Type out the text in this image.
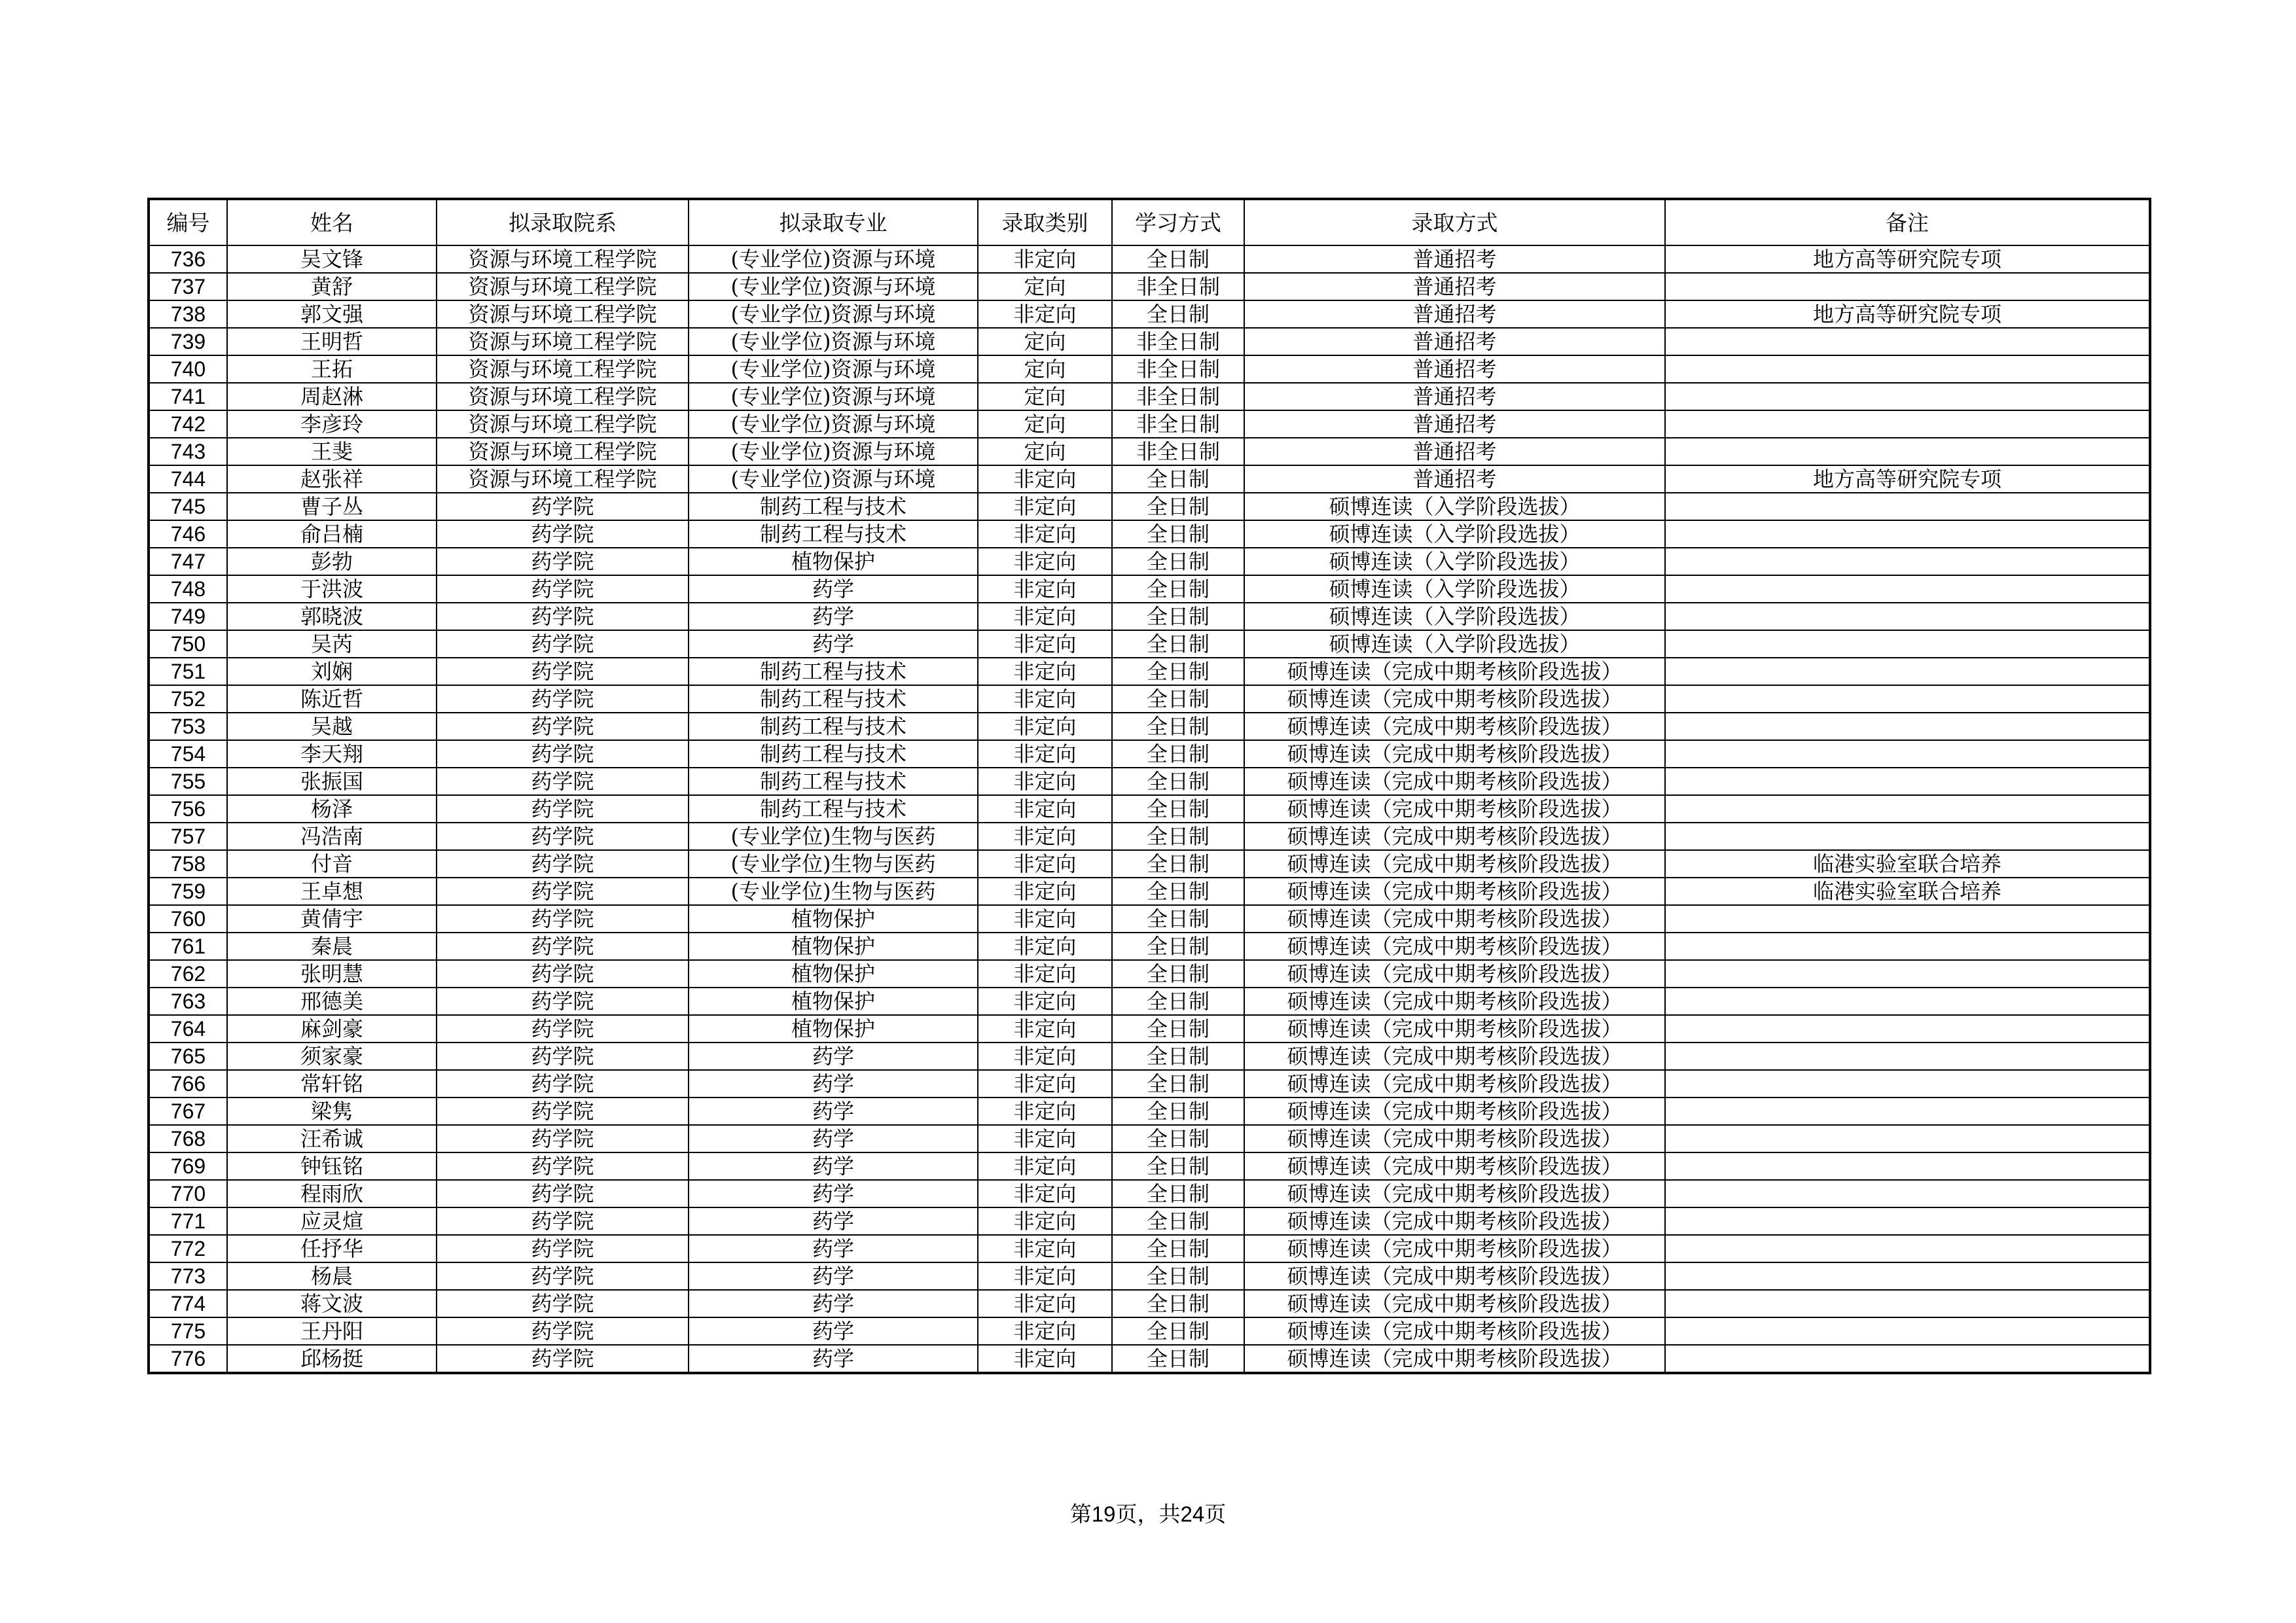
编号	姓名	拟录取院系	拟录取专业	录取类别	学习方式	录取方式	备注
736	吴文锋	资源与环境工程学院	(专业学位)资源与环境	非定向	全日制	普通招考	地方高等研究院专项
737	黄舒	资源与环境工程学院	(专业学位)资源与环境	定向	非全日制	普通招考	
738	郭文强	资源与环境工程学院	(专业学位)资源与环境	非定向	全日制	普通招考	地方高等研究院专项
739	王明哲	资源与环境工程学院	(专业学位)资源与环境	定向	非全日制	普通招考	
740	王拓	资源与环境工程学院	(专业学位)资源与环境	定向	非全日制	普通招考	
741	周赵淋	资源与环境工程学院	(专业学位)资源与环境	定向	非全日制	普通招考	
742	李彦玲	资源与环境工程学院	(专业学位)资源与环境	定向	非全日制	普通招考	
743	王斐	资源与环境工程学院	(专业学位)资源与环境	定向	非全日制	普通招考	
744	赵张祥	资源与环境工程学院	(专业学位)资源与环境	非定向	全日制	普通招考	地方高等研究院专项
745	曹子丛	药学院	制药工程与技术	非定向	全日制	硕博连读（入学阶段选拔）	
746	俞吕楠	药学院	制药工程与技术	非定向	全日制	硕博连读（入学阶段选拔）	
747	彭勃	药学院	植物保护	非定向	全日制	硕博连读（入学阶段选拔）	
748	于洪波	药学院	药学	非定向	全日制	硕博连读（入学阶段选拔）	
749	郭晓波	药学院	药学	非定向	全日制	硕博连读（入学阶段选拔）	
750	吴芮	药学院	药学	非定向	全日制	硕博连读（入学阶段选拔）	
751	刘娴	药学院	制药工程与技术	非定向	全日制	硕博连读（完成中期考核阶段选拔）	
752	陈近哲	药学院	制药工程与技术	非定向	全日制	硕博连读（完成中期考核阶段选拔）	
753	吴越	药学院	制药工程与技术	非定向	全日制	硕博连读（完成中期考核阶段选拔）	
754	李天翔	药学院	制药工程与技术	非定向	全日制	硕博连读（完成中期考核阶段选拔）	
755	张振国	药学院	制药工程与技术	非定向	全日制	硕博连读（完成中期考核阶段选拔）	
756	杨泽	药学院	制药工程与技术	非定向	全日制	硕博连读（完成中期考核阶段选拔）	
757	冯浩南	药学院	(专业学位)生物与医药	非定向	全日制	硕博连读（完成中期考核阶段选拔）	
758	付音	药学院	(专业学位)生物与医药	非定向	全日制	硕博连读（完成中期考核阶段选拔）	临港实验室联合培养
759	王卓想	药学院	(专业学位)生物与医药	非定向	全日制	硕博连读（完成中期考核阶段选拔）	临港实验室联合培养
760	黄倩宇	药学院	植物保护	非定向	全日制	硕博连读（完成中期考核阶段选拔）	
761	秦晨	药学院	植物保护	非定向	全日制	硕博连读（完成中期考核阶段选拔）	
762	张明慧	药学院	植物保护	非定向	全日制	硕博连读（完成中期考核阶段选拔）	
763	邢德美	药学院	植物保护	非定向	全日制	硕博连读（完成中期考核阶段选拔）	
764	麻剑豪	药学院	植物保护	非定向	全日制	硕博连读（完成中期考核阶段选拔）	
765	须家豪	药学院	药学	非定向	全日制	硕博连读（完成中期考核阶段选拔）	
766	常轩铭	药学院	药学	非定向	全日制	硕博连读（完成中期考核阶段选拔）	
767	梁隽	药学院	药学	非定向	全日制	硕博连读（完成中期考核阶段选拔）	
768	汪希诚	药学院	药学	非定向	全日制	硕博连读（完成中期考核阶段选拔）	
769	钟钰铭	药学院	药学	非定向	全日制	硕博连读（完成中期考核阶段选拔）	
770	程雨欣	药学院	药学	非定向	全日制	硕博连读（完成中期考核阶段选拔）	
771	应灵煊	药学院	药学	非定向	全日制	硕博连读（完成中期考核阶段选拔）	
772	任抒华	药学院	药学	非定向	全日制	硕博连读（完成中期考核阶段选拔）	
773	杨晨	药学院	药学	非定向	全日制	硕博连读（完成中期考核阶段选拔）	
774	蒋文波	药学院	药学	非定向	全日制	硕博连读（完成中期考核阶段选拔）	
775	王丹阳	药学院	药学	非定向	全日制	硕博连读（完成中期考核阶段选拔）	
776	邱杨挺	药学院	药学	非定向	全日制	硕博连读（完成中期考核阶段选拔）	
第19页，共24页
